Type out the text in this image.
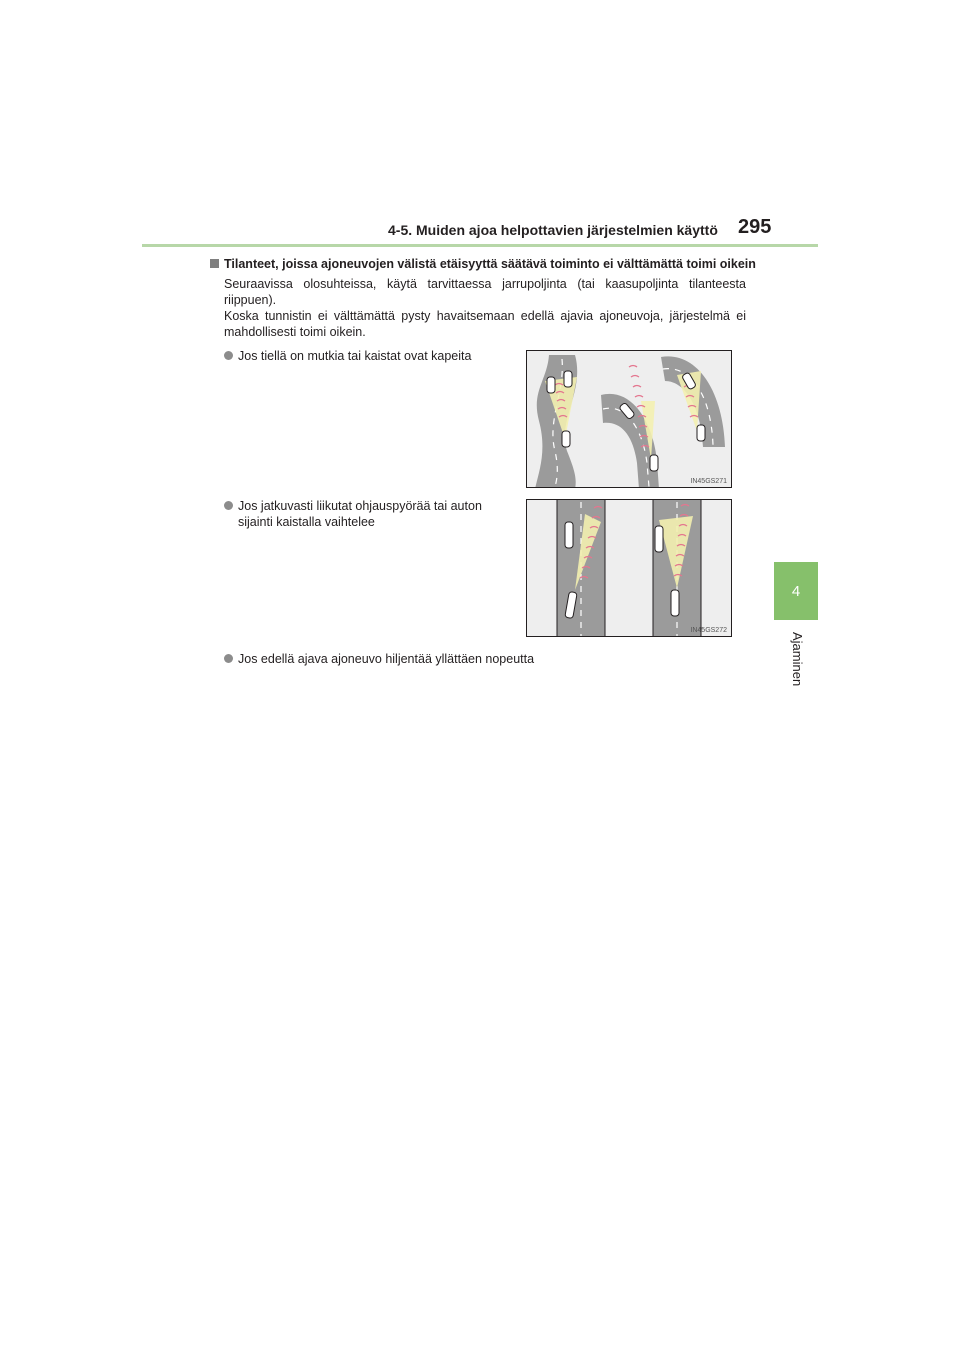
4-5. Muiden ajoa helpottavien järjestelmien käyttö 295
4
Ajaminen
Tilanteet, joissa ajoneuvojen välistä etäisyyttä säätävä toiminto ei välttämättä toimi oikein

Seuraavissa olosuhteissa, käytä tarvittaessa jarrupoljinta (tai kaasupoljinta tilanteesta riippuen).

Koska tunnistin ei välttämättä pysty havaitsemaan edellä ajavia ajoneuvoja, järjestelmä ei mahdollisesti toimi oikein.

Jos tiellä on mutkia tai kaistat ovat kapeita
Jos jatkuvasti liikutat ohjauspyörää tai auton
sijainti kaistalla vaihtelee
Jos edellä ajava ajoneuvo hiljentää yllättäen nopeutta
IN45GS271
IN45GS272
